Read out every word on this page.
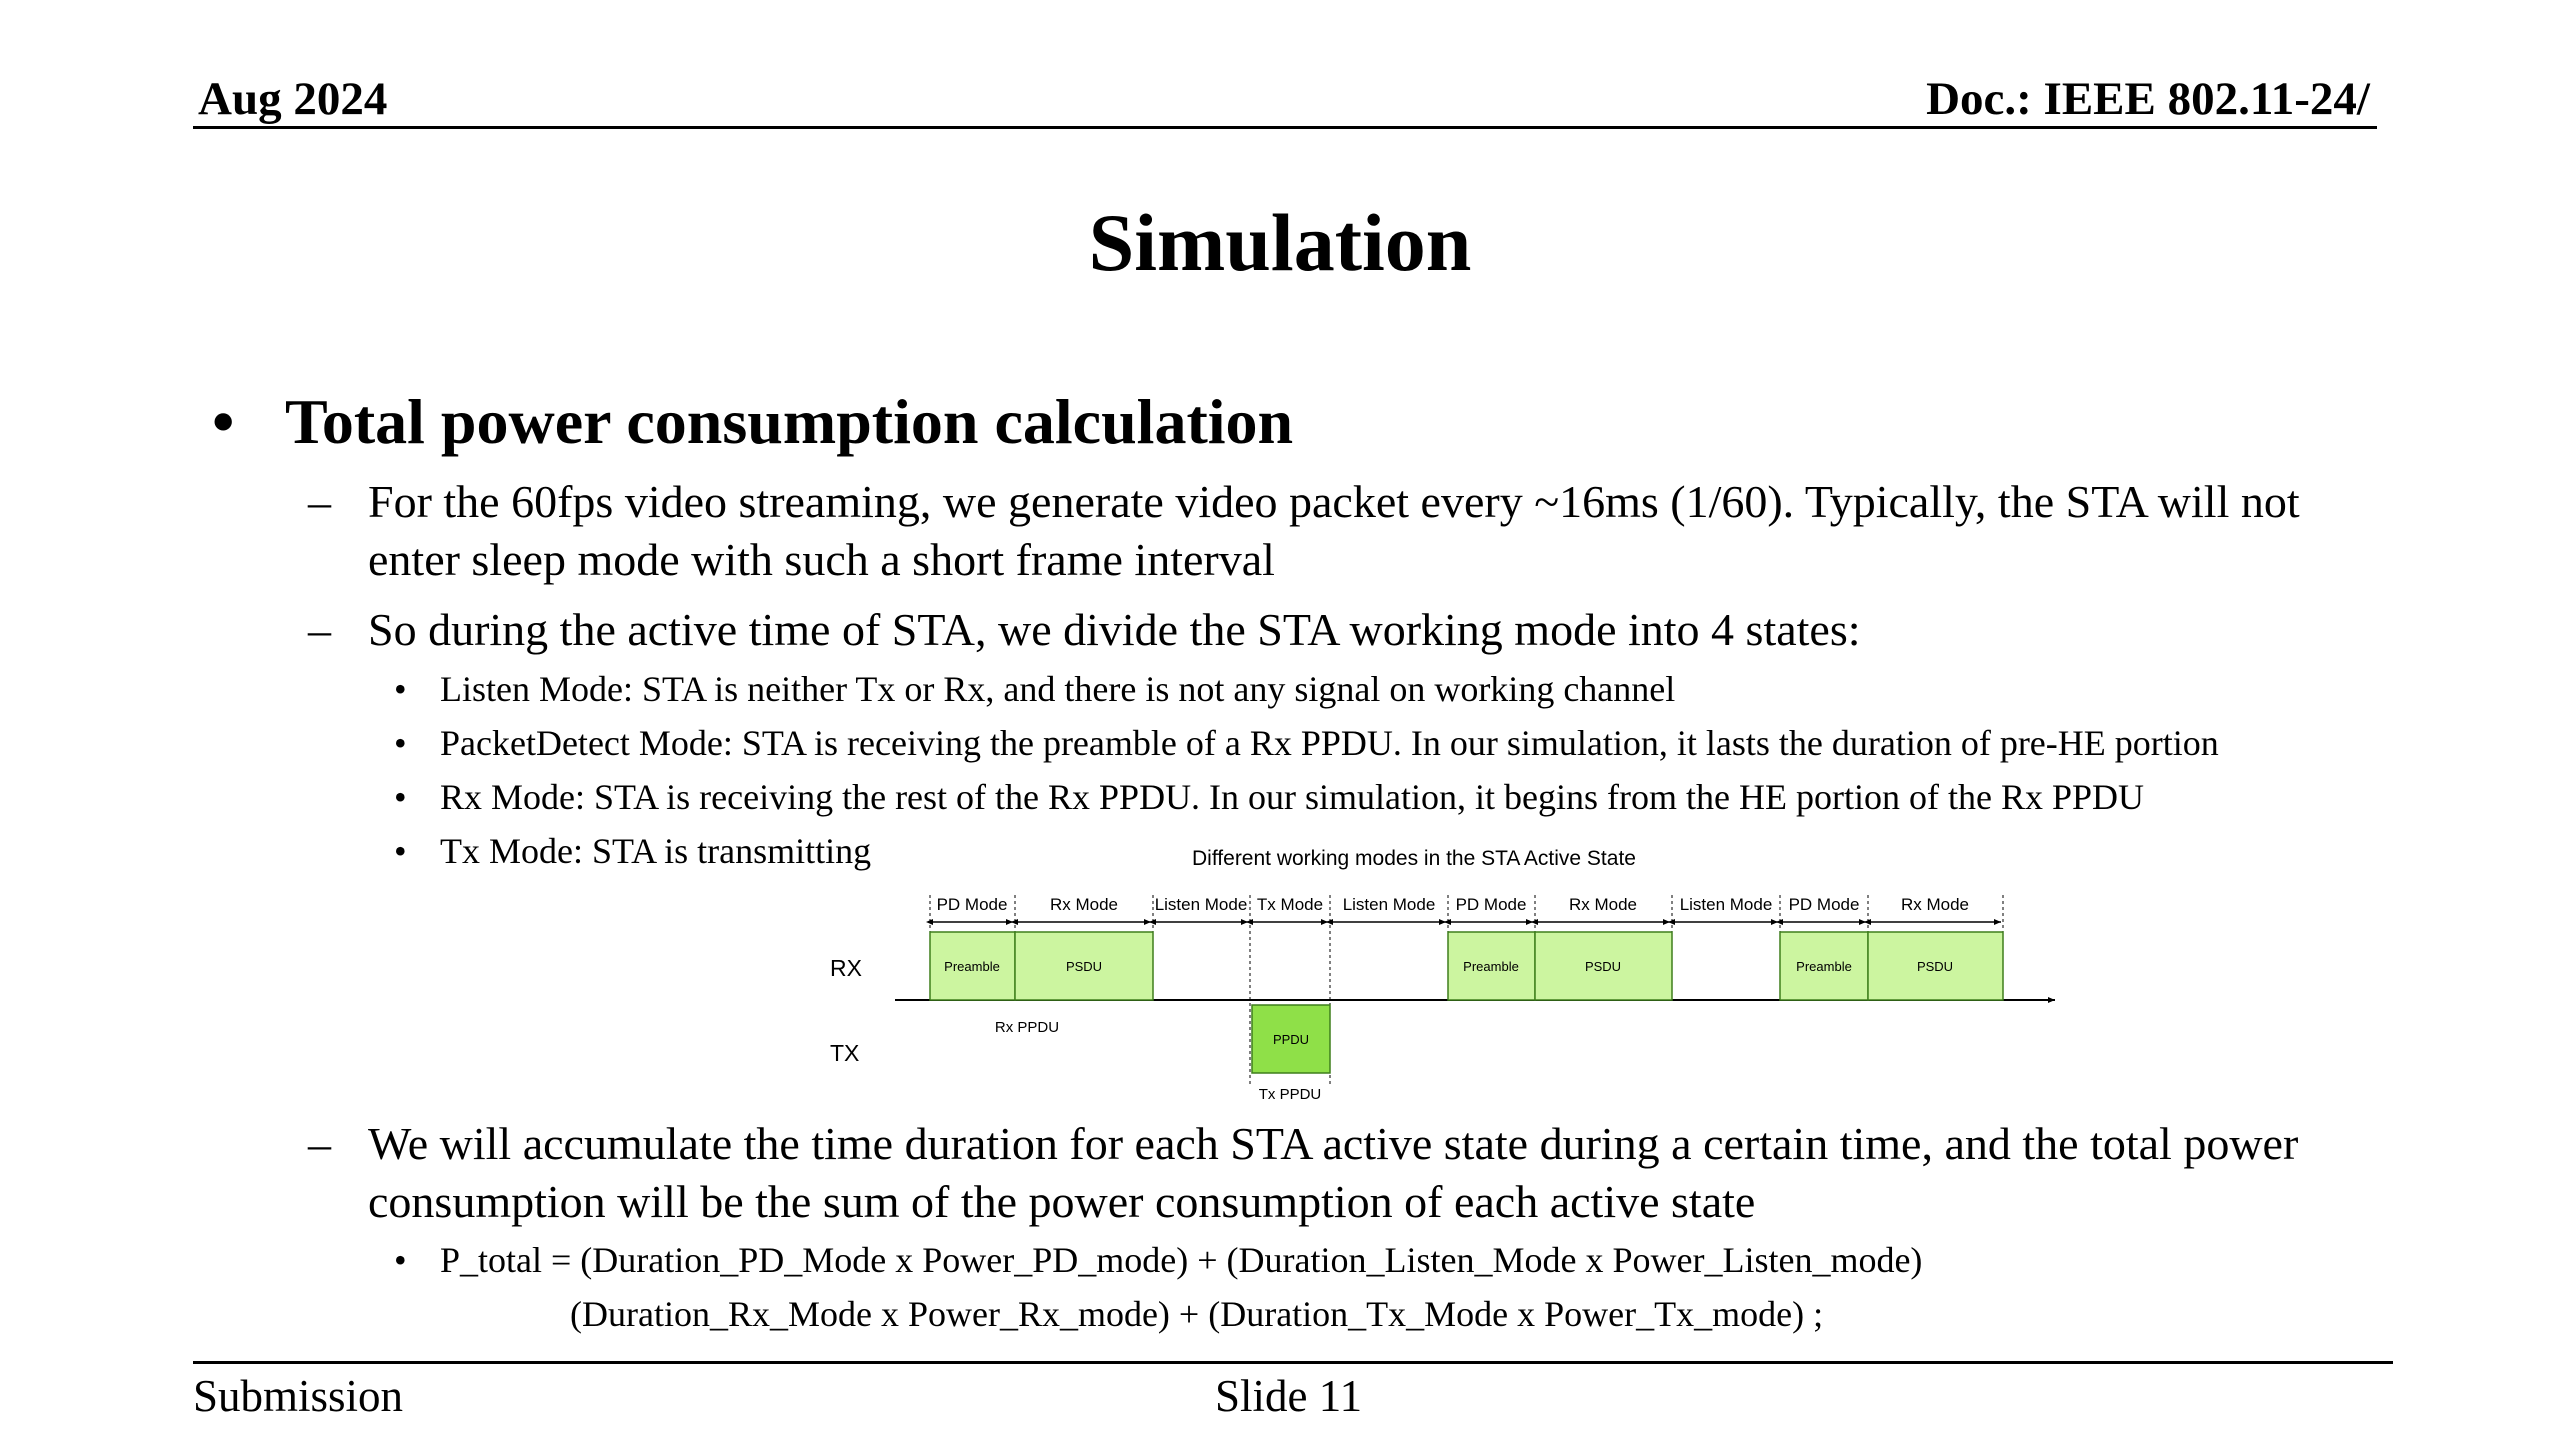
Aug 2024	Doc.: IEEE 802.11-24/
Simulation
• Total power consumption calculation
– For the 60fps video streaming, we generate video packet every ~16ms (1/60). Typically, the STA will not enter sleep mode with such a short frame interval
– So during the active time of STA, we divide the STA working mode into 4 states:
• Listen Mode: STA is neither Tx or Rx, and there is not any signal on working channel
• PacketDetect Mode: STA is receiving the preamble of a Rx PPDU. In our simulation, it lasts the duration of pre-HE portion
• Rx Mode: STA is receiving the rest of the Rx PPDU. In our simulation, it begins from the HE portion of the Rx PPDU
• Tx Mode: STA is transmitting	Different working modes in the STA Active State
PD Mode	Rx Mode Listen Mode Tx Mode Listen Mode PD Mode	Rx Mode	Listen Mode PD Mode Rx Mode
RX
TX
Preamble	PSDU
Rx PPDU
PPDU
Tx PPDU
Preamble	PSDU	Preamble	PSDU
– We will accumulate the time duration for each STA active state during a certain time, and the total power consumption will be the sum of the power consumption of each active state
• P_total = (Duration_PD_Mode x Power_PD_mode) + (Duration_Listen_Mode x Power_Listen_mode)
(Duration_Rx_Mode x Power_Rx_mode) + (Duration_Tx_Mode x Power_Tx_mode) ;
Submission	Slide 11
